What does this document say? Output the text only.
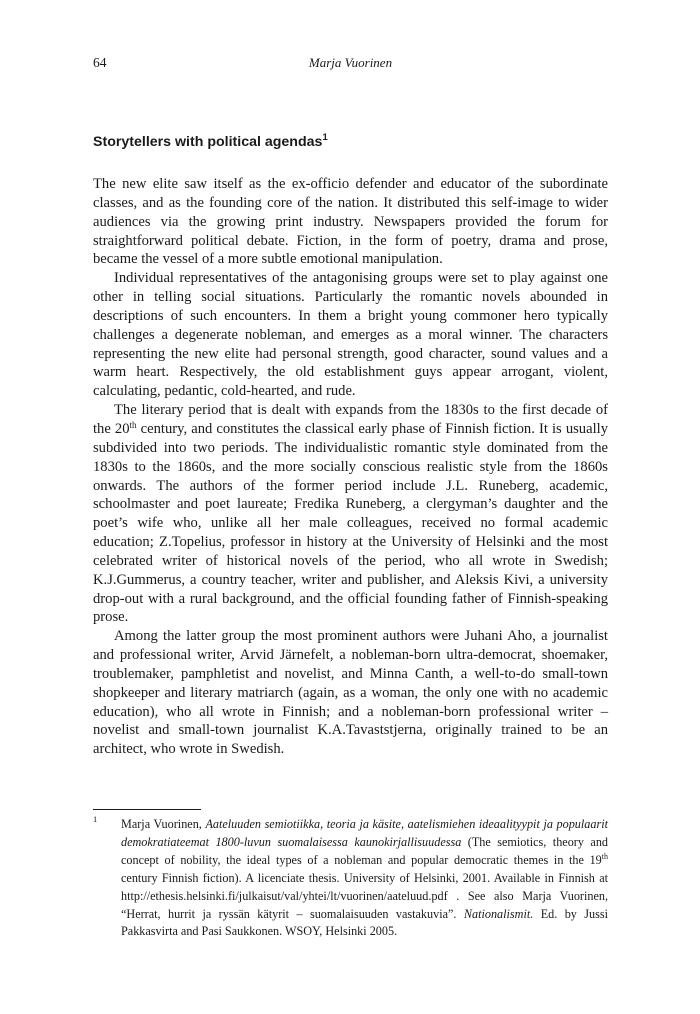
64	Marja Vuorinen
Storytellers with political agendas$^1$

The new elite saw itself as the ex-officio defender and educator of the subordinate classes, and as the founding core of the nation. It distributed this self-image to wider audiences via the growing print industry. Newspapers provided the forum for straightforward political debate. Fiction, in the form of poetry, drama and prose, became the vessel of a more subtle emotional manipulation.

Individual representatives of the antagonising groups were set to play against one other in telling social situations. Particularly the romantic novels abounded in descriptions of such encounters. In them a bright young commoner hero typically challenges a degenerate nobleman, and emerges as a moral winner. The characters representing the new elite had personal strength, good character, sound values and a warm heart. Respectively, the old establishment guys appear arrogant, violent, calculating, pedantic, cold-hearted, and rude.

The literary period that is dealt with expands from the 1830s to the first decade of the 20th century, and constitutes the classical early phase of Finnish fiction. It is usually subdivided into two periods. The individualistic romantic style dominated from the 1830s to the 1860s, and the more socially conscious realistic style from the 1860s onwards. The authors of the former period include J.L. Runeberg, academic, schoolmaster and poet laureate; Fredika Runeberg, a clergyman’s daughter and the poet’s wife who, unlike all her male colleagues, received no formal academic education; Z.Topelius, professor in history at the University of Helsinki and the most celebrated writer of historical novels of the period, who all wrote in Swedish; K.J.Gummerus, a country teacher, writer and publisher, and Aleksis Kivi, a university drop-out with a rural background, and the official founding father of Finnish-speaking prose.

Among the latter group the most prominent authors were Juhani Aho, a journalist and professional writer, Arvid Järnefelt, a nobleman-born ultra-democrat, shoemaker, troublemaker, pamphletist and novelist, and Minna Canth, a well-to-do small-town shopkeeper and literary matriarch (again, as a woman, the only one with no academic education), who all wrote in Finnish; and a nobleman-born professional writer – novelist and small-town journalist K.A.Tavaststjerna, originally trained to be an architect, who wrote in Swedish.

1 Marja Vuorinen, Aateluuden semiotiikka, teoria ja käsite, aatelismiehen ideaalityypit ja populaarit demokratiateemat 1800-luvun suomalaisessa kaunokirjallisuudessa (The semiotics, theory and concept of nobility, the ideal types of a nobleman and popular democratic themes in the 19th century Finnish fiction). A licenciate thesis. University of Helsinki, 2001. Available in Finnish at http://ethesis.helsinki.fi/julkaisut/val/yhtei/lt/vuorinen/aateluud.pdf . See also Marja Vuorinen, “Herrat, hurrit ja ryssän kätyrit – suomalaisuuden vastakuvia”. Nationalismit. Ed. by Jussi Pakkasvirta and Pasi Saukkonen. WSOY, Helsinki 2005.
